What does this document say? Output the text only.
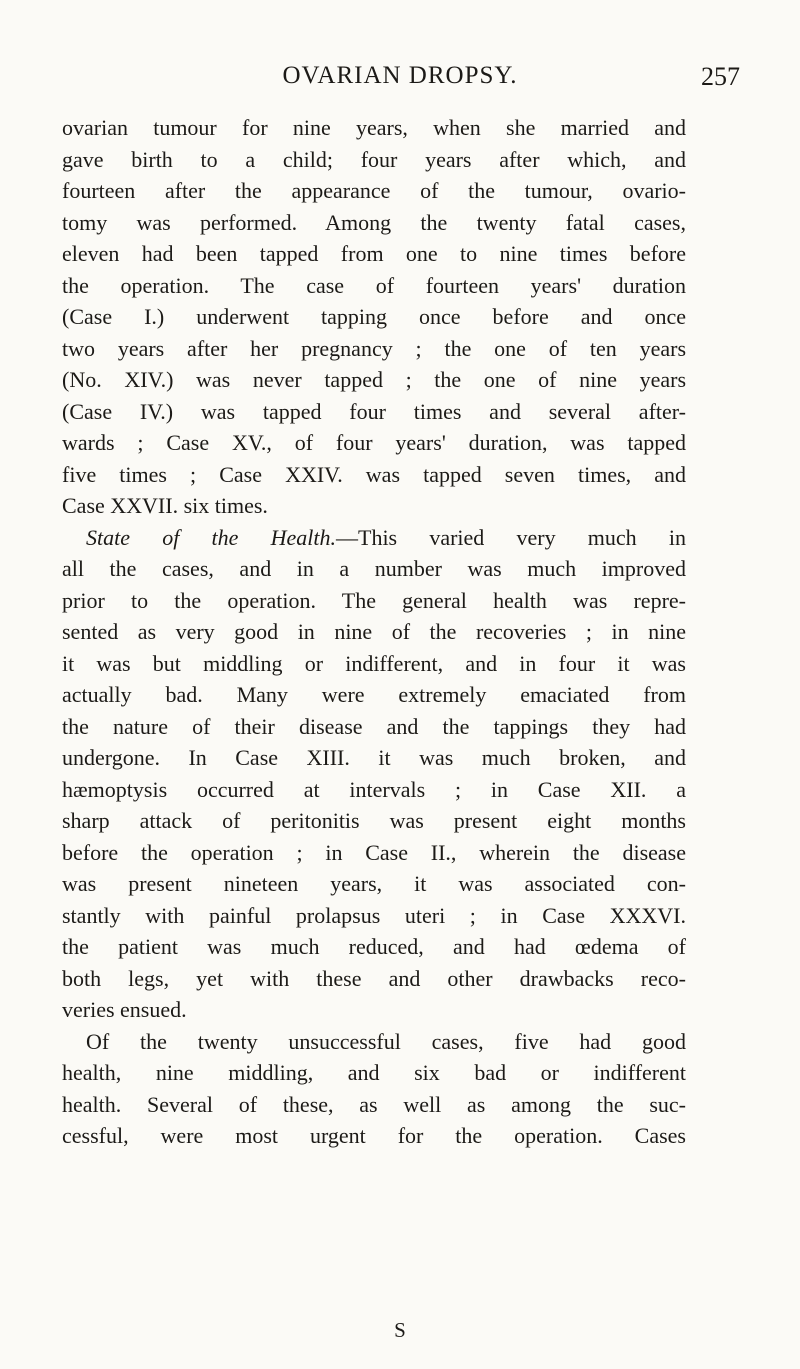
OVARIAN DROPSY.	257
ovarian tumour for nine years, when she married and
gave birth to a child; four years after which, and
fourteen after the appearance of the tumour, ovario-
tomy was performed. Among the twenty fatal cases,
eleven had been tapped from one to nine times before
the operation. The case of fourteen years' duration
(Case I.) underwent tapping once before and once
two years after her pregnancy ; the one of ten years
(No. XIV.) was never tapped ; the one of nine years
(Case IV.) was tapped four times and several after-
wards ; Case XV., of four years' duration, was tapped
five times ; Case XXIV. was tapped seven times, and
Case XXVII. six times.
State of the Health.—This varied very much in
all the cases, and in a number was much improved
prior to the operation. The general health was repre-
sented as very good in nine of the recoveries ; in nine
it was but middling or indifferent, and in four it was
actually bad. Many were extremely emaciated from
the nature of their disease and the tappings they had
undergone. In Case XIII. it was much broken, and
hæmoptysis occurred at intervals ; in Case XII. a
sharp attack of peritonitis was present eight months
before the operation ; in Case II., wherein the disease
was present nineteen years, it was associated con-
stantly with painful prolapsus uteri ; in Case XXXVI.
the patient was much reduced, and had œdema of
both legs, yet with these and other drawbacks reco-
veries ensued.
Of the twenty unsuccessful cases, five had good
health, nine middling, and six bad or indifferent
health. Several of these, as well as among the suc-
cessful, were most urgent for the operation. Cases
S
